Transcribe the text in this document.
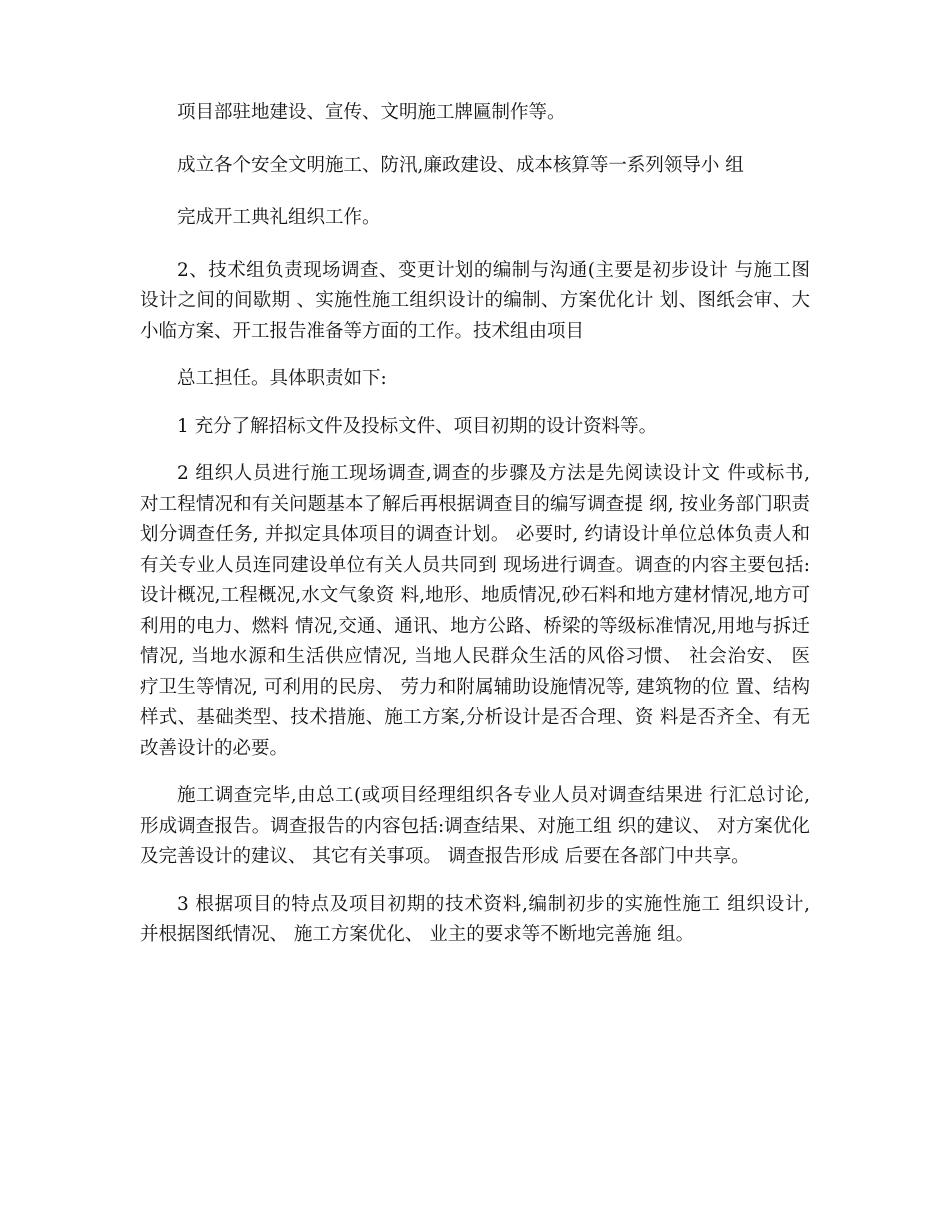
项目部驻地建设、宣传、文明施工牌匾制作等。

成立各个安全文明施工、防汛,廉政建设、成本核算等一系列领导小 组

完成开工典礼组织工作。

2、技术组负责现场调查、变更计划的编制与沟通(主要是初步设计 与施工图设计之间的间歇期 、实施性施工组织设计的编制、方案优化计 划、图纸会审、大小临方案、开工报告准备等方面的工作。技术组由项目

总工担任。具体职责如下:

1 充分了解招标文件及投标文件、项目初期的设计资料等。

2 组织人员进行施工现场调查,调查的步骤及方法是先阅读设计文 件或标书, 对工程情况和有关问题基本了解后再根据调查目的编写调查提 纲, 按业务部门职责划分调查任务, 并拟定具体项目的调查计划。 必要时, 约请设计单位总体负责人和有关专业人员连同建设单位有关人员共同到 现场进行调查。调查的内容主要包括:设计概况,工程概况,水文气象资 料,地形、地质情况,砂石料和地方建材情况,地方可利用的电力、燃料 情况,交通、通讯、地方公路、桥梁的等级标准情况,用地与拆迁情况, 当地水源和生活供应情况, 当地人民群众生活的风俗习惯、 社会治安、 医 疗卫生等情况, 可利用的民房、 劳力和附属辅助设施情况等, 建筑物的位 置、结构样式、基础类型、技术措施、施工方案,分析设计是否合理、资 料是否齐全、有无改善设计的必要。

施工调查完毕,由总工(或项目经理组织各专业人员对调查结果进 行汇总讨论, 形成调查报告。调查报告的内容包括:调查结果、对施工组 织的建议、 对方案优化及完善设计的建议、 其它有关事项。 调查报告形成 后要在各部门中共享。

3 根据项目的特点及项目初期的技术资料,编制初步的实施性施工 组织设计, 并根据图纸情况、 施工方案优化、 业主的要求等不断地完善施 组。
